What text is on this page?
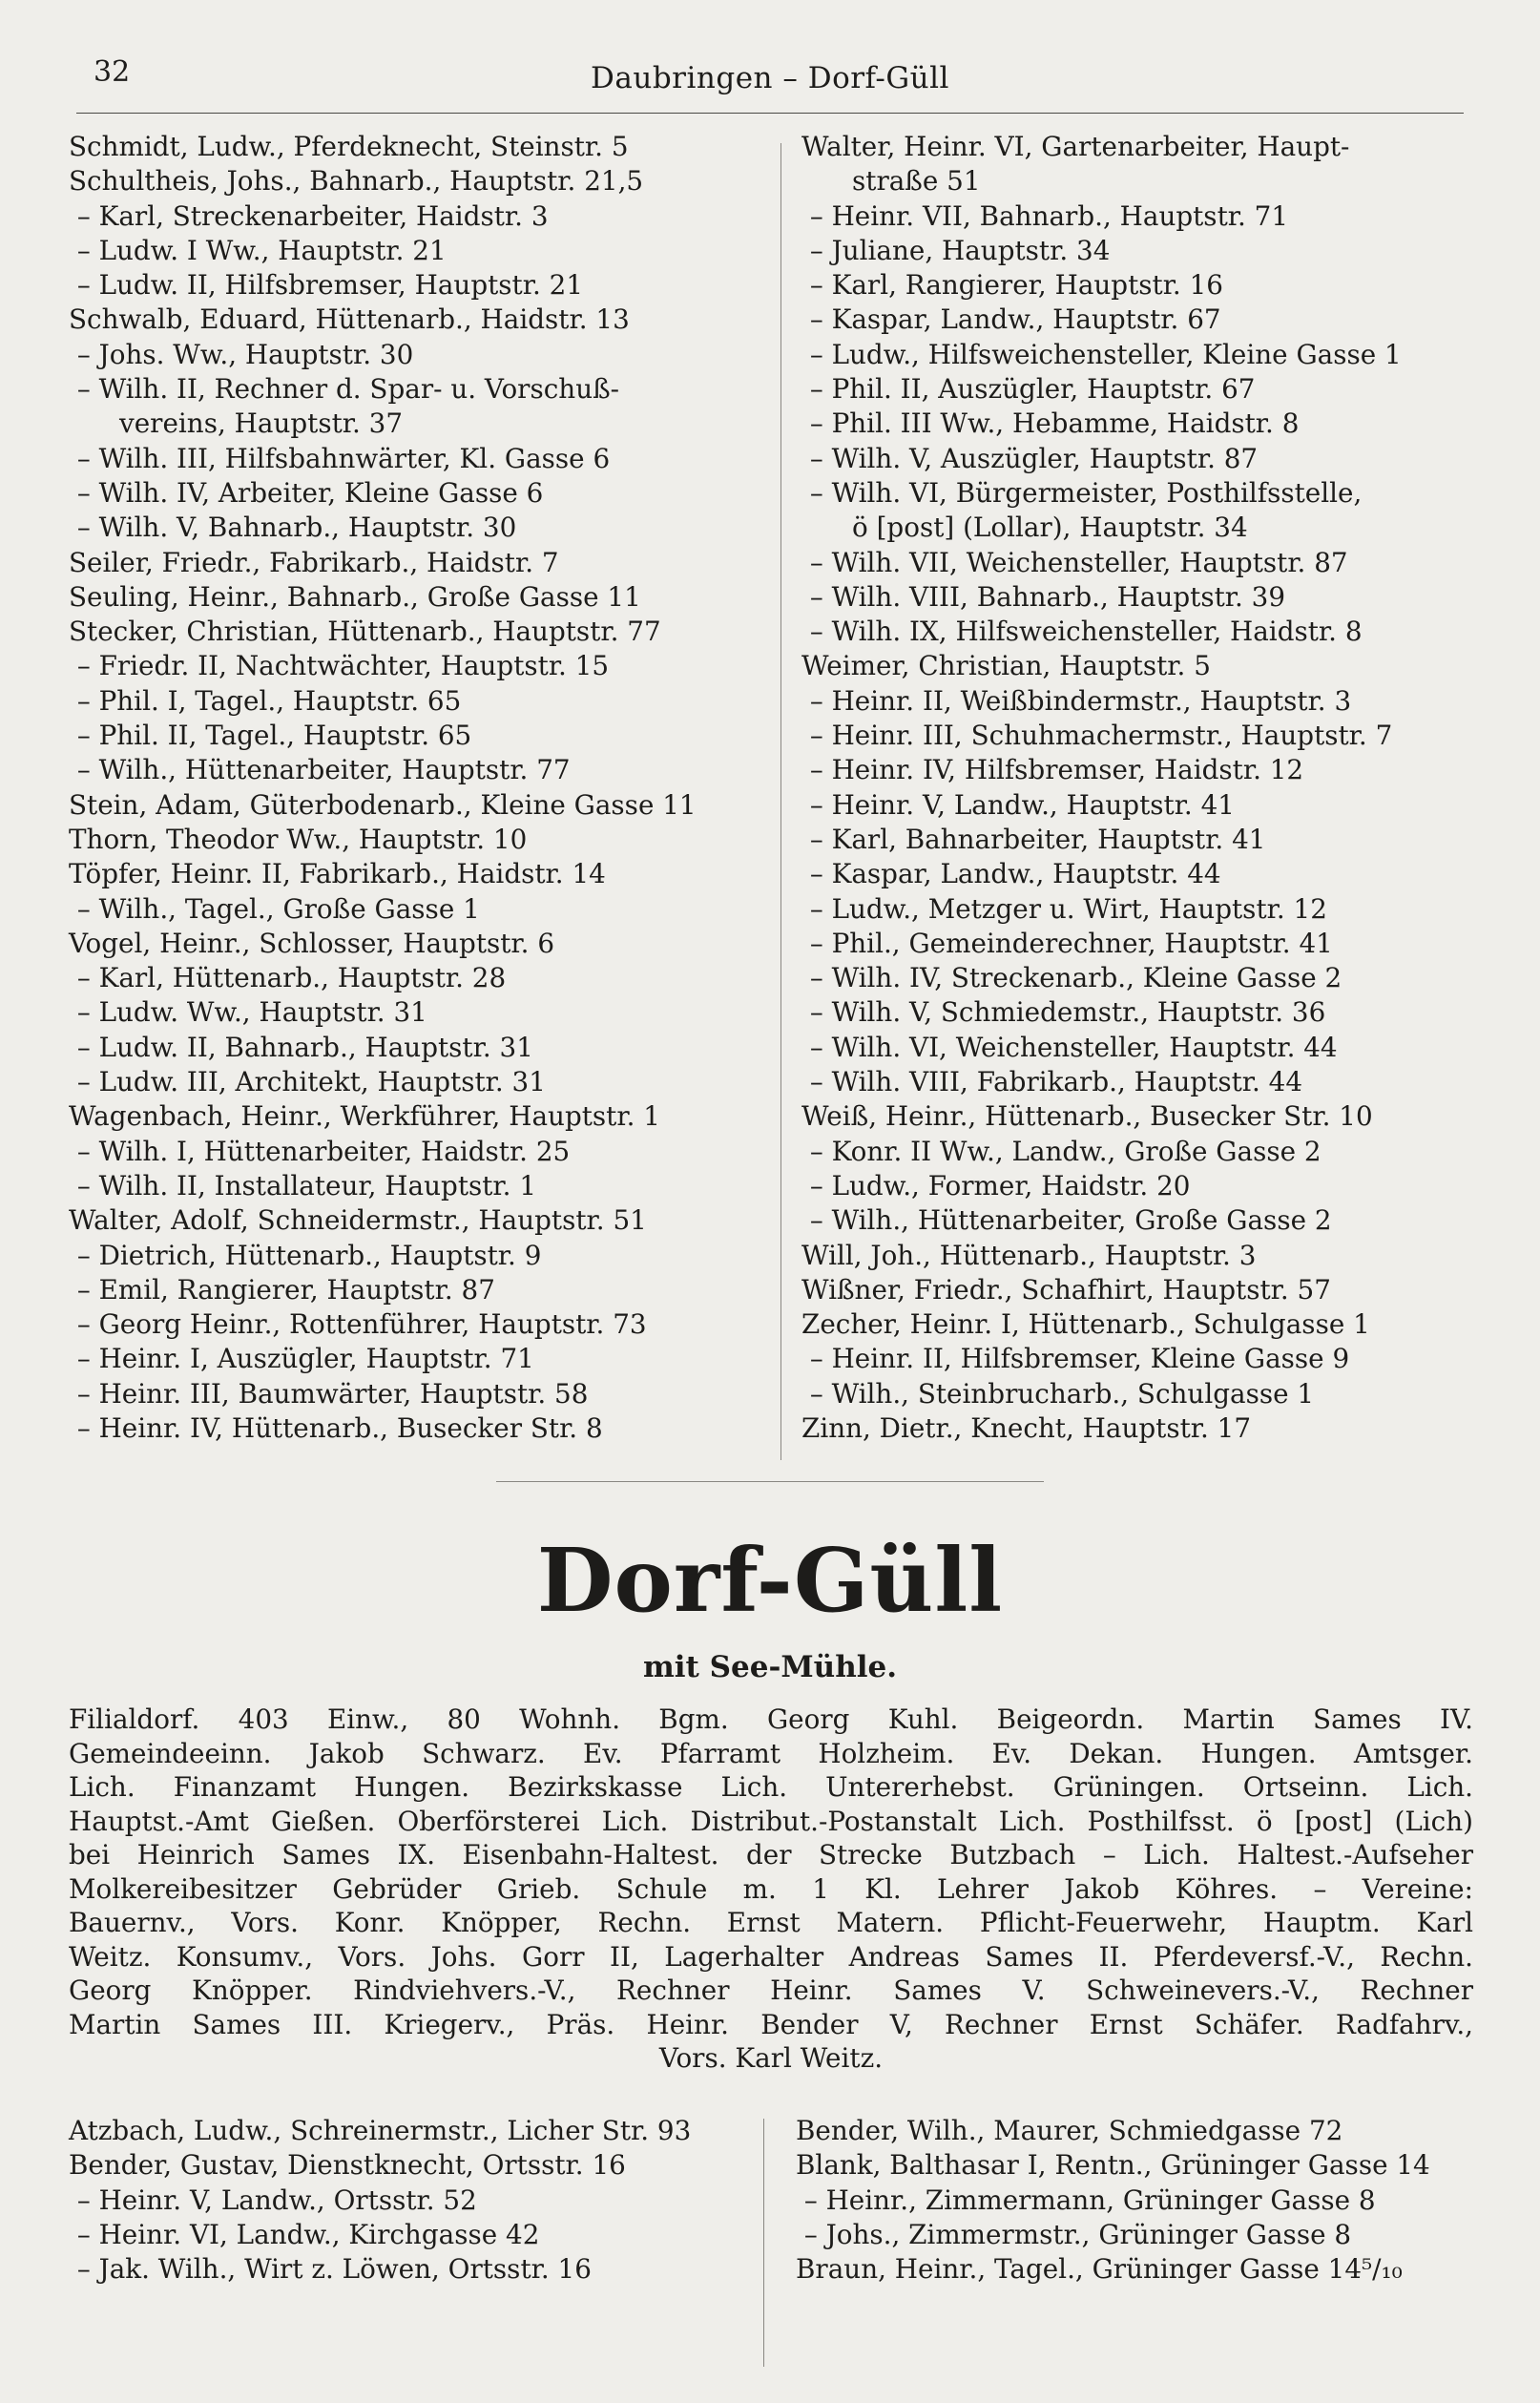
32	Daubringen – Dorf-Güll
Schmidt, Ludw., Pferdeknecht, Steinstr. 5
Schultheis, Johs., Bahnarb., Hauptstr. 21,5
– Karl, Streckenarbeiter, Haidstr. 3
– Ludw. I Ww., Hauptstr. 21
– Ludw. II, Hilfsbremser, Hauptstr. 21
Schwalb, Eduard, Hüttenarb., Haidstr. 13
– Johs. Ww., Hauptstr. 30
– Wilh. II, Rechner d. Spar- u. Vorschuß-
vereins, Hauptstr. 37
– Wilh. III, Hilfsbahnwärter, Kl. Gasse 6
– Wilh. IV, Arbeiter, Kleine Gasse 6
– Wilh. V, Bahnarb., Hauptstr. 30
Seiler, Friedr., Fabrikarb., Haidstr. 7
Seuling, Heinr., Bahnarb., Große Gasse 11
Stecker, Christian, Hüttenarb., Hauptstr. 77
– Friedr. II, Nachtwächter, Hauptstr. 15
– Phil. I, Tagel., Hauptstr. 65
– Phil. II, Tagel., Hauptstr. 65
– Wilh., Hüttenarbeiter, Hauptstr. 77
Stein, Adam, Güterbodenarb., Kleine Gasse 11
Thorn, Theodor Ww., Hauptstr. 10
Töpfer, Heinr. II, Fabrikarb., Haidstr. 14
– Wilh., Tagel., Große Gasse 1
Vogel, Heinr., Schlosser, Hauptstr. 6
– Karl, Hüttenarb., Hauptstr. 28
– Ludw. Ww., Hauptstr. 31
– Ludw. II, Bahnarb., Hauptstr. 31
– Ludw. III, Architekt, Hauptstr. 31
Wagenbach, Heinr., Werkführer, Hauptstr. 1
– Wilh. I, Hüttenarbeiter, Haidstr. 25
– Wilh. II, Installateur, Hauptstr. 1
Walter, Adolf, Schneidermstr., Hauptstr. 51
– Dietrich, Hüttenarb., Hauptstr. 9
– Emil, Rangierer, Hauptstr. 87
– Georg Heinr., Rottenführer, Hauptstr. 73
– Heinr. I, Auszügler, Hauptstr. 71
– Heinr. III, Baumwärter, Hauptstr. 58
– Heinr. IV, Hüttenarb., Busecker Str. 8
Walter, Heinr. VI, Gartenarbeiter, Haupt-
straße 51
– Heinr. VII, Bahnarb., Hauptstr. 71
– Juliane, Hauptstr. 34
– Karl, Rangierer, Hauptstr. 16
– Kaspar, Landw., Hauptstr. 67
– Ludw., Hilfsweichensteller, Kleine Gasse 1
– Phil. II, Auszügler, Hauptstr. 67
– Phil. III Ww., Hebamme, Haidstr. 8
– Wilh. V, Auszügler, Hauptstr. 87
– Wilh. VI, Bürgermeister, Posthilfsstelle,
ö [post] (Lollar), Hauptstr. 34
– Wilh. VII, Weichensteller, Hauptstr. 87
– Wilh. VIII, Bahnarb., Hauptstr. 39
– Wilh. IX, Hilfsweichensteller, Haidstr. 8
Weimer, Christian, Hauptstr. 5
– Heinr. II, Weißbindermstr., Hauptstr. 3
– Heinr. III, Schuhmachermstr., Hauptstr. 7
– Heinr. IV, Hilfsbremser, Haidstr. 12
– Heinr. V, Landw., Hauptstr. 41
– Karl, Bahnarbeiter, Hauptstr. 41
– Kaspar, Landw., Hauptstr. 44
– Ludw., Metzger u. Wirt, Hauptstr. 12
– Phil., Gemeinderechner, Hauptstr. 41
– Wilh. IV, Streckenarb., Kleine Gasse 2
– Wilh. V, Schmiedemstr., Hauptstr. 36
– Wilh. VI, Weichensteller, Hauptstr. 44
– Wilh. VIII, Fabrikarb., Hauptstr. 44
Weiß, Heinr., Hüttenarb., Busecker Str. 10
– Konr. II Ww., Landw., Große Gasse 2
– Ludw., Former, Haidstr. 20
– Wilh., Hüttenarbeiter, Große Gasse 2
Will, Joh., Hüttenarb., Hauptstr. 3
Wißner, Friedr., Schafhirt, Hauptstr. 57
Zecher, Heinr. I, Hüttenarb., Schulgasse 1
– Heinr. II, Hilfsbremser, Kleine Gasse 9
– Wilh., Steinbrucharb., Schulgasse 1
Zinn, Dietr., Knecht, Hauptstr. 17
Dorf-Güll
mit See-Mühle.
Filialdorf. 403 Einw., 80 Wohnh. Bgm. Georg Kuhl. Beigeordn. Martin Sames IV.
Gemeindeeinn. Jakob Schwarz. Ev. Pfarramt Holzheim. Ev. Dekan. Hungen. Amtsger.
Lich. Finanzamt Hungen. Bezirkskasse Lich. Untererhebst. Grüningen. Ortseinn. Lich.
Hauptst.-Amt Gießen. Oberförsterei Lich. Distribut.-Postanstalt Lich. Posthilfsst. ö [post] (Lich)
bei Heinrich Sames IX. Eisenbahn-Haltest. der Strecke Butzbach – Lich. Haltest.-Aufseher
Molkereibesitzer Gebrüder Grieb. Schule m. 1 Kl. Lehrer Jakob Köhres. – Vereine:
Bauernv., Vors. Konr. Knöpper, Rechn. Ernst Matern. Pflicht-Feuerwehr, Hauptm. Karl
Weitz. Konsumv., Vors. Johs. Gorr II, Lagerhalter Andreas Sames II. Pferdeversf.-V., Rechn.
Georg Knöpper. Rindviehvers.-V., Rechner Heinr. Sames V. Schweinevers.-V., Rechner
Martin Sames III. Kriegerv., Präs. Heinr. Bender V, Rechner Ernst Schäfer. Radfahrv.,
Vors. Karl Weitz.
Atzbach, Ludw., Schreinermstr., Licher Str. 93
Bender, Gustav, Dienstknecht, Ortsstr. 16
– Heinr. V, Landw., Ortsstr. 52
– Heinr. VI, Landw., Kirchgasse 42
– Jak. Wilh., Wirt z. Löwen, Ortsstr. 16
Bender, Wilh., Maurer, Schmiedgasse 72
Blank, Balthasar I, Rentn., Grüninger Gasse 14
– Heinr., Zimmermann, Grüninger Gasse 8
– Johs., Zimmermstr., Grüninger Gasse 8
Braun, Heinr., Tagel., Grüninger Gasse 14⁵/₁₀
